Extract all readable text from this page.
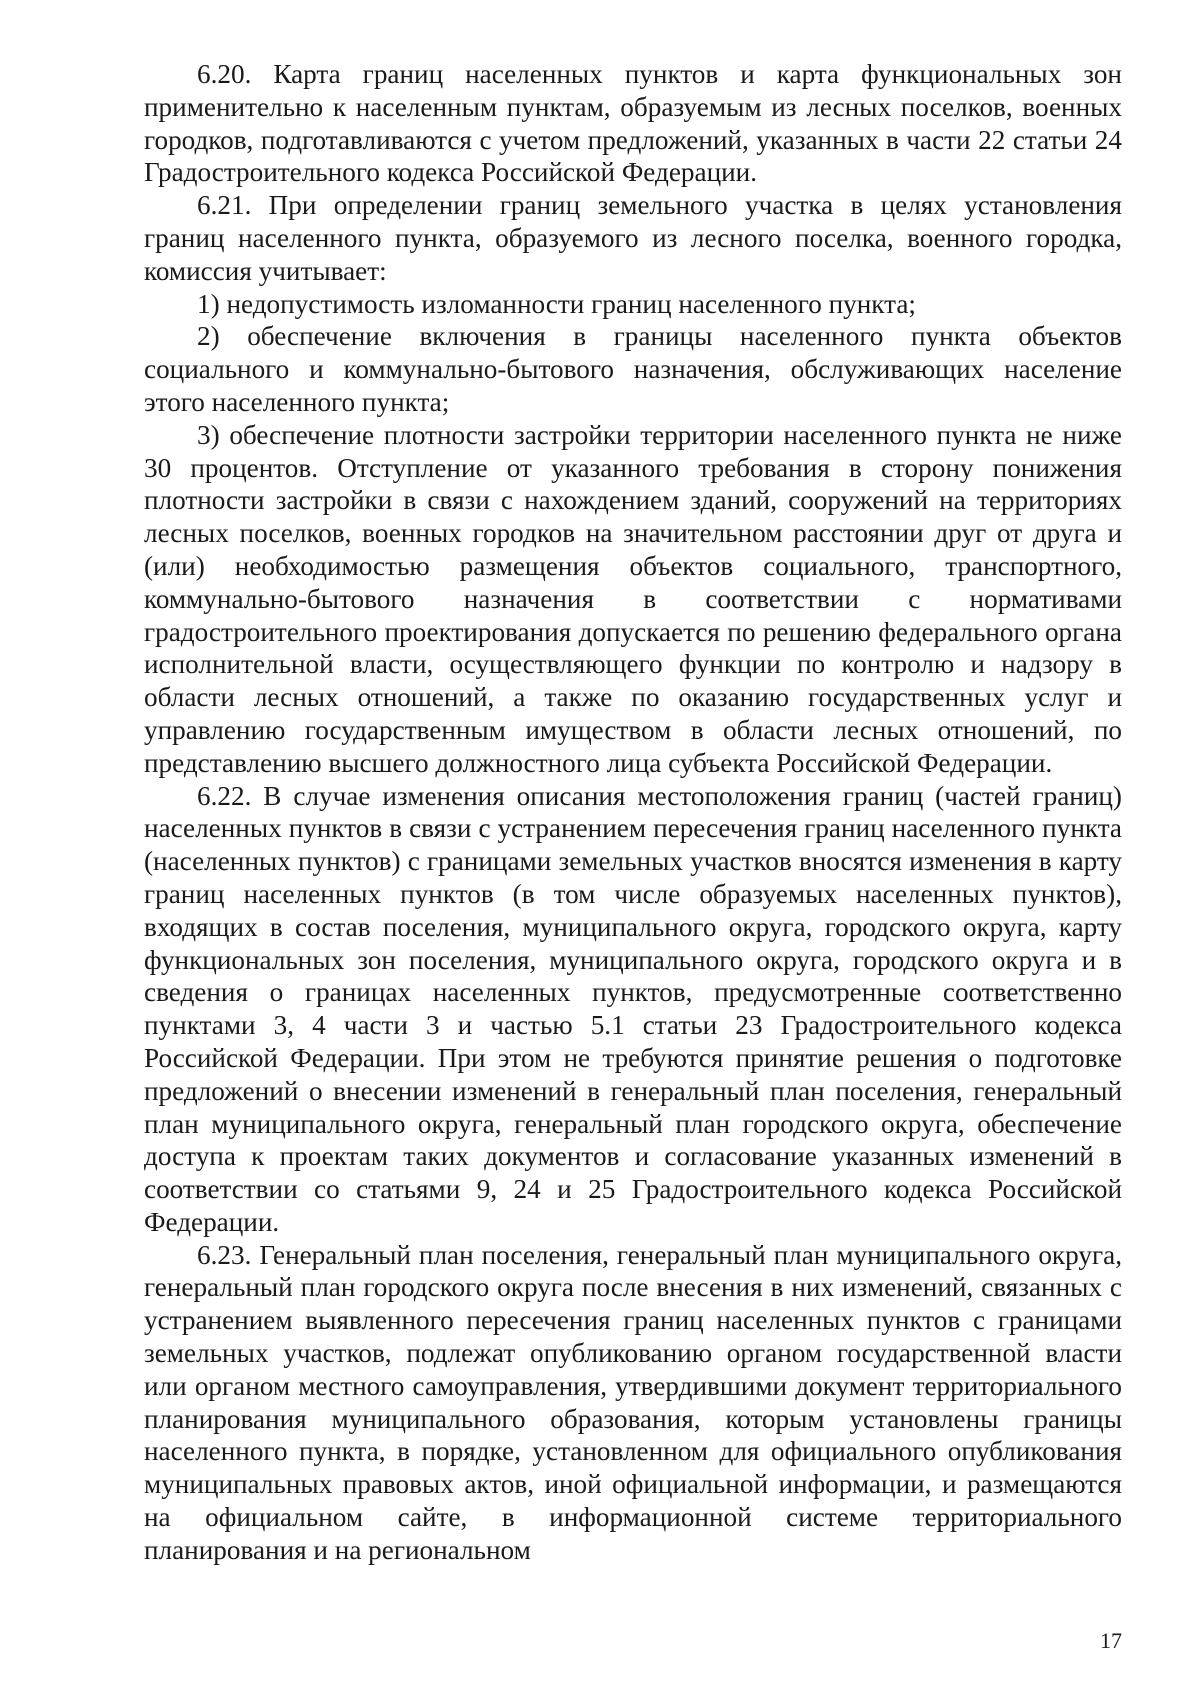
6.20. Карта границ населенных пунктов и карта функциональных зон применительно к населенным пунктам, образуемым из лесных поселков, военных городков, подготавливаются с учетом предложений, указанных в части 22 статьи 24 Градостроительного кодекса Российской Федерации.

6.21. При определении границ земельного участка в целях установления границ населенного пункта, образуемого из лесного поселка, военного городка, комиссия учитывает:

1) недопустимость изломанности границ населенного пункта;

2) обеспечение включения в границы населенного пункта объектов социального и коммунально-бытового назначения, обслуживающих население этого населенного пункта;

3) обеспечение плотности застройки территории населенного пункта не ниже 30 процентов. Отступление от указанного требования в сторону понижения плотности застройки в связи с нахождением зданий, сооружений на территориях лесных поселков, военных городков на значительном расстоянии друг от друга и (или) необходимостью размещения объектов социального, транспортного, коммунально-бытового назначения в соответствии с нормативами градостроительного проектирования допускается по решению федерального органа исполнительной власти, осуществляющего функции по контролю и надзору в области лесных отношений, а также по оказанию государственных услуг и управлению государственным имуществом в области лесных отношений, по представлению высшего должностного лица субъекта Российской Федерации.

6.22. В случае изменения описания местоположения границ (частей границ) населенных пунктов в связи с устранением пересечения границ населенного пункта (населенных пунктов) с границами земельных участков вносятся изменения в карту границ населенных пунктов (в том числе образуемых населенных пунктов), входящих в состав поселения, муниципального округа, городского округа, карту функциональных зон поселения, муниципального округа, городского округа и в сведения о границах населенных пунктов, предусмотренные соответственно пунктами 3, 4 части 3 и частью 5.1 статьи 23 Градостроительного кодекса Российской Федерации. При этом не требуются принятие решения о подготовке предложений о внесении изменений в генеральный план поселения, генеральный план муниципального округа, генеральный план городского округа, обеспечение доступа к проектам таких документов и согласование указанных изменений в соответствии со статьями 9, 24 и 25 Градостроительного кодекса Российской Федерации.

6.23. Генеральный план поселения, генеральный план муниципального округа, генеральный план городского округа после внесения в них изменений, связанных с устранением выявленного пересечения границ населенных пунктов с границами земельных участков, подлежат опубликованию органом государственной власти или органом местного самоуправления, утвердившими документ территориального планирования муниципального образования, которым установлены границы населенного пункта, в порядке, установленном для официального опубликования муниципальных правовых актов, иной официальной информации, и размещаются на официальном сайте, в информационной системе территориального планирования и на региональном

17
